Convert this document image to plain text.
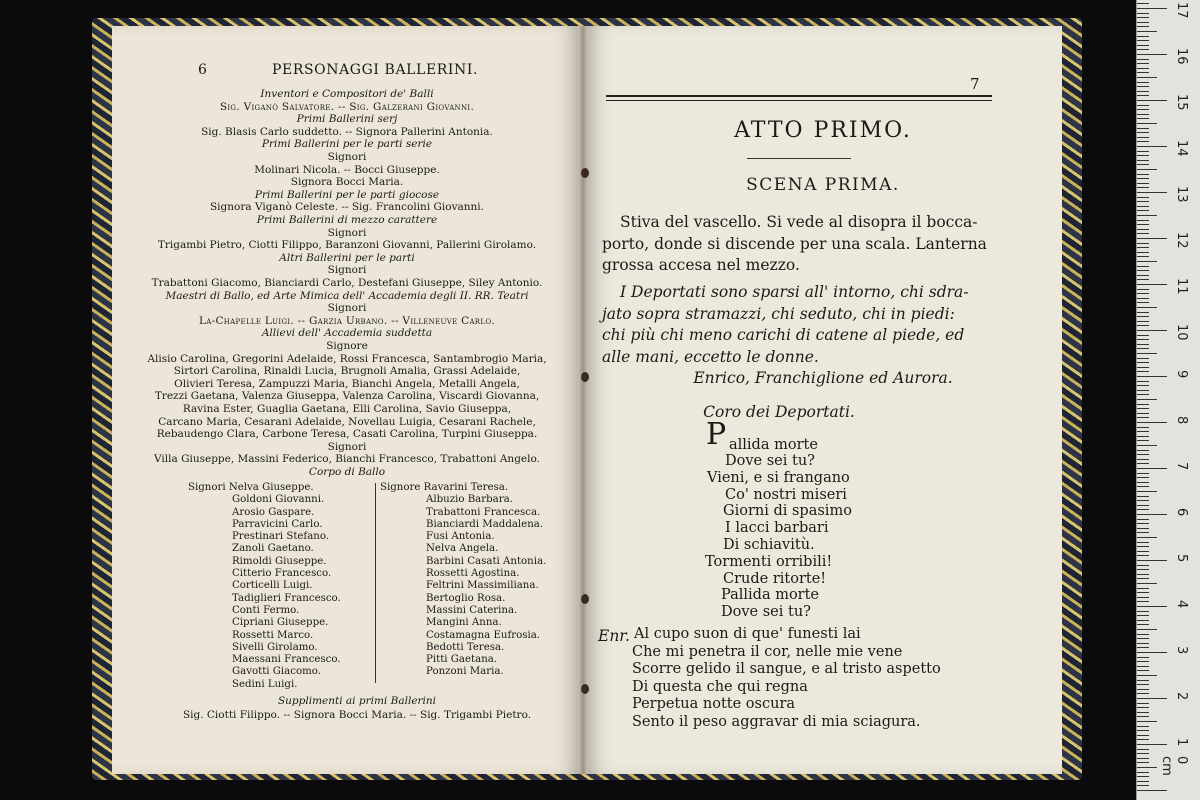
6	PERSONAGGI BALLERINI.
Inventori e Compositori de' Balli
Sig. Viganò Salvatore. -- Sig. Galzerani Giovanni.
Primi Ballerini serj
Sig. Blasis Carlo suddetto. -- Signora Pallerini Antonia.
Primi Ballerini per le parti serie
Signori
Molinari Nicola. -- Bocci Giuseppe.
Signora Bocci Maria.
Primi Ballerini per le parti giocose
Signora Viganò Celeste. -- Sig. Francolini Giovanni.
Primi Ballerini di mezzo carattere
Signori
Trigambi Pietro, Ciotti Filippo, Baranzoni Giovanni, Pallerini Girolamo.
Altri Ballerini per le parti
Signori
Trabattoni Giacomo, Bianciardi Carlo, Destefani Giuseppe, Siley Antonio.
Maestri di Ballo, ed Arte Mimica dell' Accademia degli II. RR. Teatri
Signori
La-Chapelle Luigi. -- Garzia Urbano. -- Villeneuve Carlo.
Allievi dell' Accademia suddetta
Signore
Alisio Carolina, Gregorini Adelaide, Rossi Francesca, Santambrogio Maria,
Sirtori Carolina, Rinaldi Lucia, Brugnoli Amalia, Grassi Adelaide,
Olivieri Teresa, Zampuzzi Maria, Bianchi Angela, Metalli Angela,
Trezzi Gaetana, Valenza Giuseppa, Valenza Carolina, Viscardi Giovanna,
Ravina Ester, Guaglia Gaetana, Elli Carolina, Savio Giuseppa,
Carcano Maria, Cesarani Adelaide, Novellau Luigia, Cesarani Rachele,
Rebaudengo Clara, Carbone Teresa, Casati Carolina, Turpini Giuseppa.
Signori
Villa Giuseppe, Massini Federico, Bianchi Francesco, Trabattoni Angelo.
Corpo di Ballo
Signori Nelva Giuseppe.
Goldoni Giovanni.
Arosio Gaspare.
Parravicini Carlo.
Prestinari Stefano.
Zanoli Gaetano.
Rimoldi Giuseppe.
Citterio Francesco.
Corticelli Luigi.
Tadiglieri Francesco.
Conti Fermo.
Cipriani Giuseppe.
Rossetti Marco.
Sivelli Girolamo.
Maessani Francesco.
Gavotti Giacomo.
Sedini Luigi.
Signore Ravarini Teresa.
Albuzio Barbara.
Trabattoni Francesca.
Bianciardi Maddalena.
Fusi Antonia.
Nelva Angela.
Barbini Casati Antonia.
Rossetti Agostina.
Feltrini Massimiliana.
Bertoglio Rosa.
Massini Caterina.
Mangini Anna.
Costamagna Eufrosia.
Bedotti Teresa.
Pitti Gaetana.
Ponzoni Maria.
Supplimenti ai primi Ballerini
Sig. Ciotti Filippo. -- Signora Bocci Maria. -- Sig. Trigambi Pietro.
7
ATTO PRIMO.
SCENA PRIMA.
Stiva del vascello. Si vede al disopra il bocca-
porto, donde si discende per una scala. Lanterna
grossa accesa nel mezzo.
I Deportati sono sparsi all' intorno, chi sdra-
jato sopra stramazzi, chi seduto, chi in piedi:
chi più chi meno carichi di catene al piede, ed
alle mani, eccetto le donne.
Enrico, Franchiglione ed Aurora.
Coro dei Deportati.
P allida morte
Dove sei tu?
Vieni, e si frangano
Co' nostri miseri
Giorni di spasimo
I lacci barbari
Di schiavitù.
Tormenti orribili!
Crude ritorte!
Pallida morte
Dove sei tu?
Enr. Al cupo suon di que' funesti lai
Che mi penetra il cor, nelle mie vene
Scorre gelido il sangue, e al tristo aspetto
Di questa che qui regna
Perpetua notte oscura
Sento il peso aggravar di mia sciagura.
0 cm
1
2
3
4
5
6
7
8
9
10
11
12
13
14
15
16
17
